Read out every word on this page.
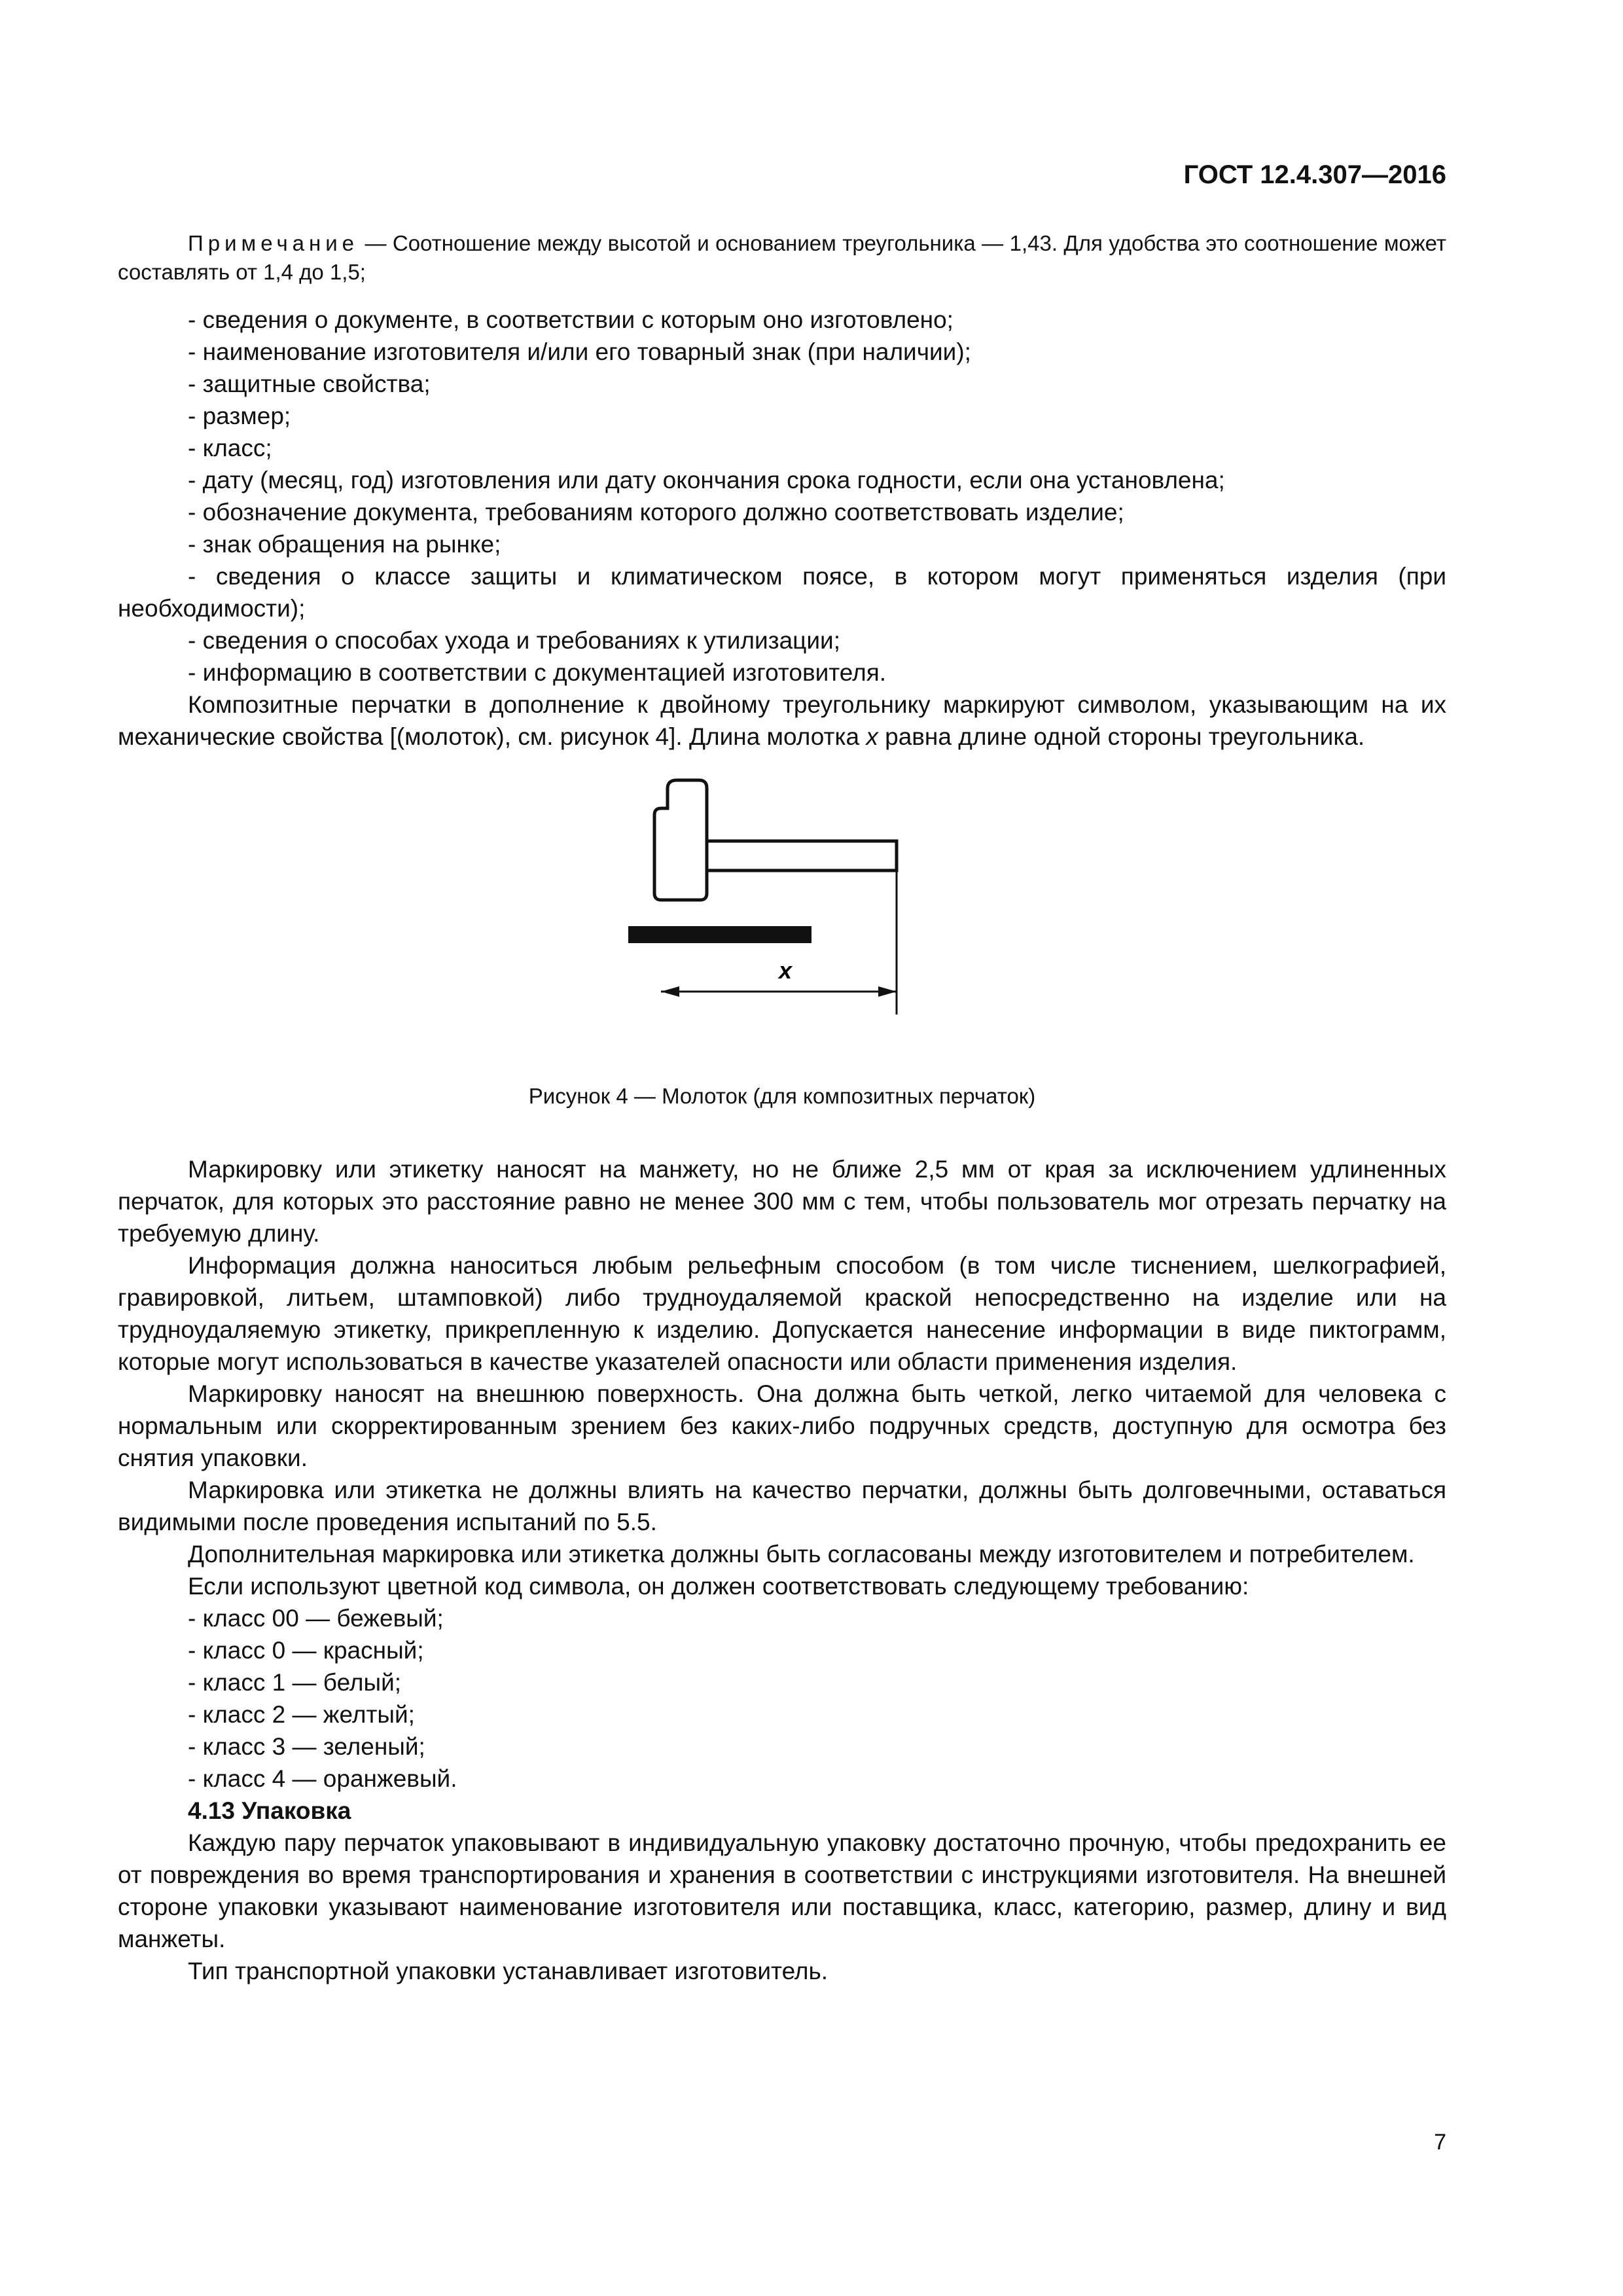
ГОСТ 12.4.307—2016

Примечание — Соотношение между высотой и основанием треугольника — 1,43. Для удобства это соотношение может составлять от 1,4 до 1,5;

- сведения о документе, в соответствии с которым оно изготовлено;

- наименование изготовителя и/или его товарный знак (при наличии);

- защитные свойства;

- размер;

- класс;

- дату (месяц, год) изготовления или дату окончания срока годности, если она установлена;

- обозначение документа, требованиям которого должно соответствовать изделие;

- знак обращения на рынке;

- сведения о классе защиты и климатическом поясе, в котором могут применяться изделия (при необходимости);

- сведения о способах ухода и требованиях к утилизации;

- информацию в соответствии с документацией изготовителя.

Композитные перчатки в дополнение к двойному треугольнику маркируют символом, указывающим на их механические свойства [(молоток), см. рисунок 4]. Длина молотка x равна длине одной стороны треугольника.

x
Рисунок 4 — Молоток (для композитных перчаток)

Маркировку или этикетку наносят на манжету, но не ближе 2,5 мм от края за исключением удлиненных перчаток, для которых это расстояние равно не менее 300 мм с тем, чтобы пользователь мог отрезать перчатку на требуемую длину.

Информация должна наноситься любым рельефным способом (в том числе тиснением, шелкографией, гравировкой, литьем, штамповкой) либо трудноудаляемой краской непосредственно на изделие или на трудноудаляемую этикетку, прикрепленную к изделию. Допускается нанесение информации в виде пиктограмм, которые могут использоваться в качестве указателей опасности или области применения изделия.

Маркировку наносят на внешнюю поверхность. Она должна быть четкой, легко читаемой для человека с нормальным или скорректированным зрением без каких-либо подручных средств, доступную для осмотра без снятия упаковки.

Маркировка или этикетка не должны влиять на качество перчатки, должны быть долговечными, оставаться видимыми после проведения испытаний по 5.5.

Дополнительная маркировка или этикетка должны быть согласованы между изготовителем и потребителем.

Если используют цветной код символа, он должен соответствовать следующему требованию:

- класс 00 — бежевый;

- класс 0 — красный;

- класс 1 — белый;

- класс 2 — желтый;

- класс 3 — зеленый;

- класс 4 — оранжевый.

4.13 Упаковка

Каждую пару перчаток упаковывают в индивидуальную упаковку достаточно прочную, чтобы предохранить ее от повреждения во время транспортирования и хранения в соответствии с инструкциями изготовителя. На внешней стороне упаковки указывают наименование изготовителя или поставщика, класс, категорию, размер, длину и вид манжеты.

Тип транспортной упаковки устанавливает изготовитель.

7
